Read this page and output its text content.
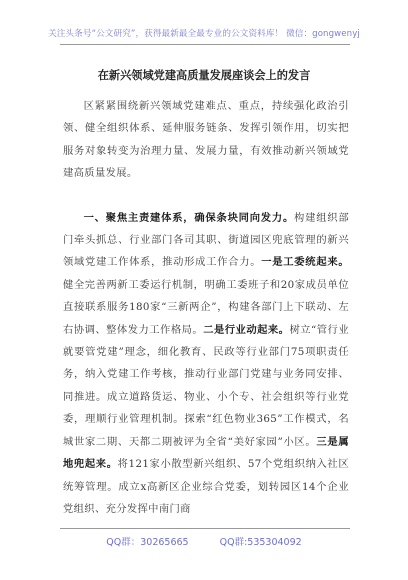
关注头条号“公文研究”，获得最新最全最专业的公文资料库！ 微信：gongwenyj
在新兴领域党建高质量发展座谈会上的发言

区紧紧围绕新兴领域党建难点、重点，持续强化政治引领、健全组织体系、延伸服务链条、发挥引领作用，切实把服务对象转变为治理力量、发展力量，有效推动新兴领域党建高质量发展。

一、聚焦主责建体系，确保条块同向发力。构建组织部门牵头抓总、行业部门各司其职、街道园区兜底管理的新兴领域党建工作体系，推动形成工作合力。一是工委统起来。健全完善两新工委运行机制，明确工委班子和20家成员单位直接联系服务180家“三新两企”，构建各部门上下联动、左右协调、整体发力工作格局。二是行业动起来。树立“管行业就要管党建”理念，细化教育、民政等行业部门75项职责任务，纳入党建工作考核，推动行业部门党建与业务同安排、同推进。成立道路货运、物业、小个专、社会组织等行业党委，理顺行业管理机制。探索“红色物业365”工作模式，名城世家二期、天都二期被评为全省“美好家园”小区。三是属地兜起来。将121家小散型新兴组织、57个党组织纳入社区统筹管理。成立x高新区企业综合党委，划转园区14个企业党组织、充分发挥中南门商

QQ群：30265665	QQ群:535304092
